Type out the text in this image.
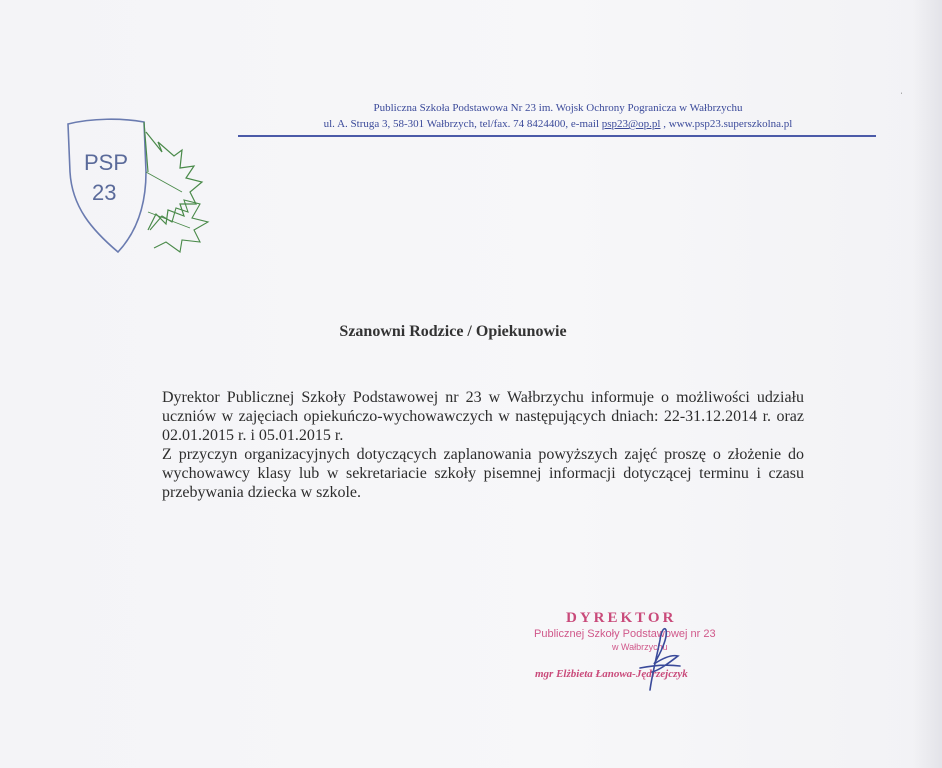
ˌ
PSP
23
Publiczna Szkoła Podstawowa Nr 23 im. Wojsk Ochrony Pogranicza w Wałbrzychu
ul. A. Struga 3, 58-301 Wałbrzych, tel/fax. 74 8424400, e-mail psp23@op.pl , www.psp23.superszkolna.pl
Szanowni Rodzice / Opiekunowie

Dyrektor Publicznej Szkoły Podstawowej nr 23 w Wałbrzychu informuje o możliwości udziału uczniów w zajęciach opiekuńczo-wychowawczych w następujących dniach: 22-31.12.2014 r. oraz 02.01.2015 r. i 05.01.2015 r.

Z przyczyn organizacyjnych dotyczących zaplanowania powyższych zajęć proszę o złożenie do wychowawcy klasy lub w sekretariacie szkoły pisemnej informacji dotyczącej terminu i czasu przebywania dziecka w szkole.

DYREKTOR
Publicznej Szkoły Podstawowej nr 23
w Wałbrzychu
mgr Elżbieta Łanowa-Jędrzejczyk
